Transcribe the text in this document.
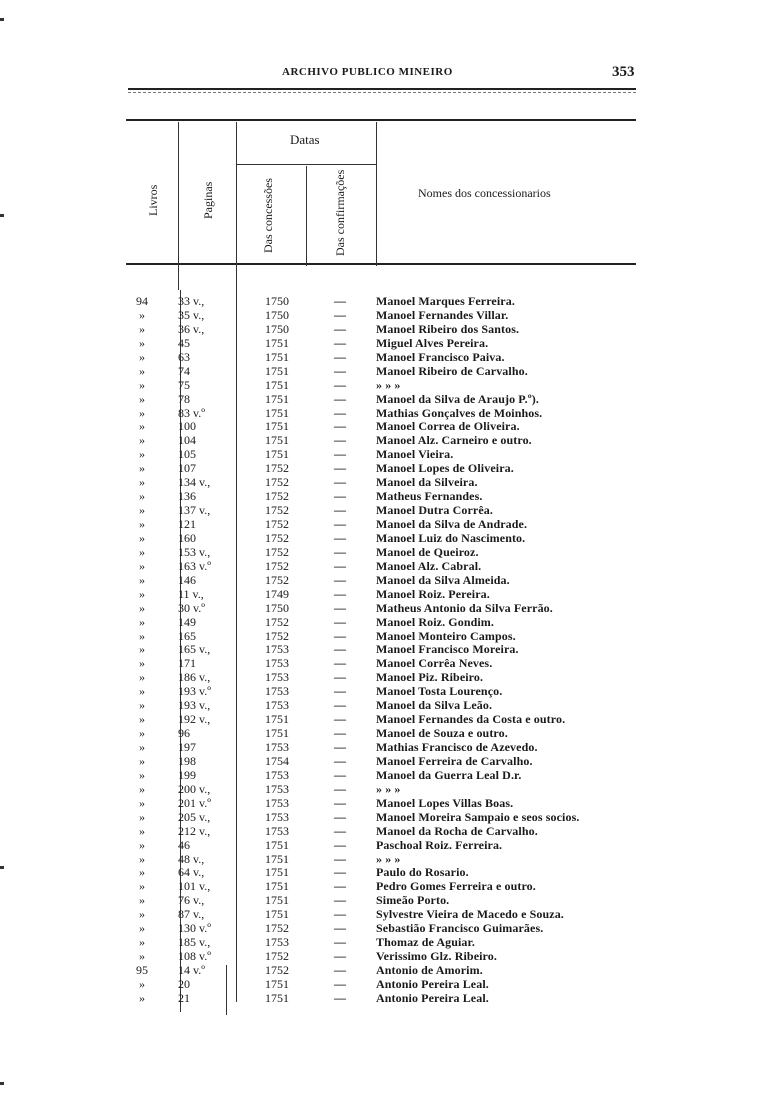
ARCHIVO PUBLICO MINEIRO	353
Livros	Paginas
Datas
Das concessões	Das confirmações	Nomes dos concessionarios
94	33 v.,	1750	—	Manoel Marques Ferreira.
»	35 v.,	1750	—	Manoel Fernandes Villar.
»	36 v.,	1750	—	Manoel Ribeiro dos Santos.
»	45	1751	—	Miguel Alves Pereira.
»	63	1751	—	Manoel Francisco Paiva.
»	74	1751	—	Manoel Ribeiro de Carvalho.
»	75	1751	—	» » »
»	78	1751	—	Manoel da Silva de Araujo P.º).
»	83 v.º	1751	—	Mathias Gonçalves de Moinhos.
»	100	1751	—	Manoel Correa de Oliveira.
»	104	1751	—	Manoel Alz. Carneiro e outro.
»	105	1751	—	Manoel Vieira.
»	107	1752	—	Manoel Lopes de Oliveira.
»	134 v.,	1752	—	Manoel da Silveira.
»	136	1752	—	Matheus Fernandes.
»	137 v.,	1752	—	Manoel Dutra Corrêa.
»	121	1752	—	Manoel da Silva de Andrade.
»	160	1752	—	Manoel Luiz do Nascimento.
»	153 v.,	1752	—	Manoel de Queiroz.
»	163 v.º	1752	—	Manoel Alz. Cabral.
»	146	1752	—	Manoel da Silva Almeida.
»	11 v.,	1749	—	Manoel Roiz. Pereira.
»	30 v.º	1750	—	Matheus Antonio da Silva Ferrão.
»	149	1752	—	Manoel Roiz. Gondim.
»	165	1752	—	Manoel Monteiro Campos.
»	165 v.,	1753	—	Manoel Francisco Moreira.
»	171	1753	—	Manoel Corrêa Neves.
»	186 v.,	1753	—	Manoel Piz. Ribeiro.
»	193 v.º	1753	—	Manoel Tosta Lourenço.
»	193 v.,	1753	—	Manoel da Silva Leão.
»	192 v.,	1751	—	Manoel Fernandes da Costa e outro.
»	96	1751	—	Manoel de Souza e outro.
»	197	1753	—	Mathias Francisco de Azevedo.
»	198	1754	—	Manoel Ferreira de Carvalho.
»	199	1753	—	Manoel da Guerra Leal D.r.
»	200 v.,	1753	—	» » »
»	201 v.º	1753	—	Manoel Lopes Villas Boas.
»	205 v.,	1753	—	Manoel Moreira Sampaio e seos socios.
»	212 v.,	1753	—	Manoel da Rocha de Carvalho.
»	46	1751	—	Paschoal Roiz. Ferreira.
»	48 v.,	1751	—	» » »
»	64 v.,	1751	—	Paulo do Rosario.
»	101 v.,	1751	—	Pedro Gomes Ferreira e outro.
»	76 v.,	1751	—	Simeão Porto.
»	87 v.,	1751	—	Sylvestre Vieira de Macedo e Souza.
»	130 v.º	1752	—	Sebastião Francisco Guimarães.
»	185 v.,	1753	—	Thomaz de Aguiar.
»	108 v.º	1752	—	Verissimo Glz. Ribeiro.
95	14 v.º	1752	—	Antonio de Amorim.
»	20	1751	—	Antonio Pereira Leal.
»	21	1751	—	Antonio Pereira Leal.
